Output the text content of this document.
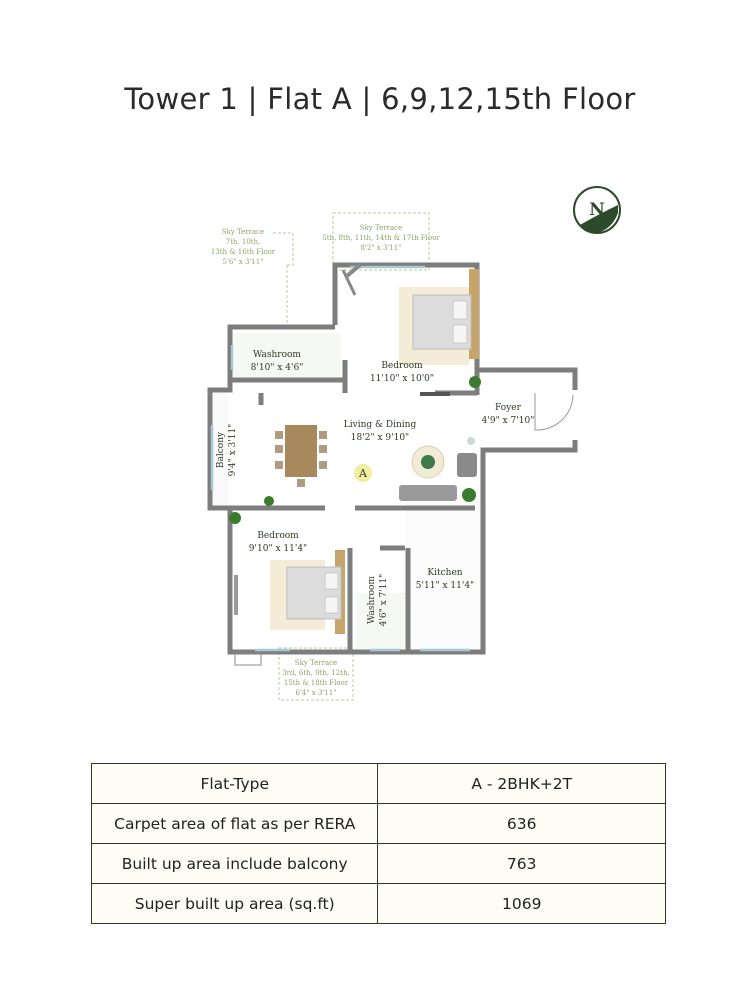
Tower 1 | Flat A | 6,9,12,15th Floor
N
A
Washroom
8'10" x 4'6"	Bedroom
11'10" x 10'0"
Living & Dining
18'2" x 9'10"
Foyer
4'9" x 7'10"
Bedroom
9'10" x 11'4"
Kitchen
5'11" x 11'4"
Balcony 9'4" x 3'11"
Washroom 4'6" x 7'11"
Sky Terrace
7th, 10th,
13th & 16th Floor
5'6" x 3'11"
Sky Terrace
5th, 8th, 11th, 14th & 17th Floor
8'2" x 3'11"
Sky Terrace
3rd, 6th, 9th, 12th,
15th & 18th Floor
6'4" x 3'11"
Flat-Type	A - 2BHK+2T
Carpet area of flat as per RERA	636
Built up area include balcony	763
Super built up area (sq.ft)	1069
